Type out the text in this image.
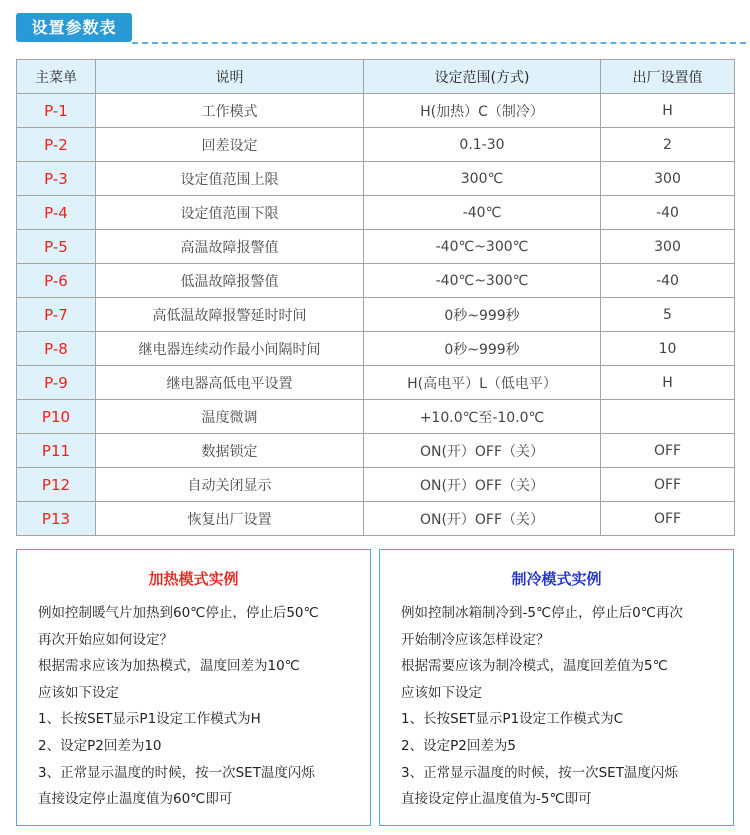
设置参数表
主菜单	说明	设定范围(方式)	出厂设置值
P-1	工作模式	H(加热）C（制冷）	H
P-2	回差设定	0.1-30	2
P-3	设定值范围上限	300℃	300
P-4	设定值范围下限	-40℃	-40
P-5	高温故障报警值	-40℃~300℃	300
P-6	低温故障报警值	-40℃~300℃	-40
P-7	高低温故障报警延时时间	0秒~999秒	5
P-8	继电器连续动作最小间隔时间	0秒~999秒	10
P-9	继电器高低电平设置	H(高电平）L（低电平）	H
P10	温度微调	+10.0℃至-10.0℃	
P11	数据锁定	ON(开）OFF（关）	OFF
P12	自动关闭显示	ON(开）OFF（关）	OFF
P13	恢复出厂设置	ON(开）OFF（关）	OFF
加热模式实例
例如控制暖气片加热到60℃停止，停止后50℃
再次开始应如何设定？
根据需求应该为加热模式，温度回差为10℃
应该如下设定
1、长按SET显示P1设定工作模式为H
2、设定P2回差为10
3、正常显示温度的时候，按一次SET温度闪烁
直接设定停止温度值为60℃即可
制冷模式实例
例如控制冰箱制冷到-5℃停止，停止后0℃再次
开始制冷应该怎样设定？
根据需要应该为制冷模式，温度回差值为5℃
应该如下设定
1、长按SET显示P1设定工作模式为C
2、设定P2回差为5
3、正常显示温度的时候，按一次SET温度闪烁
直接设定停止温度值为-5℃即可
